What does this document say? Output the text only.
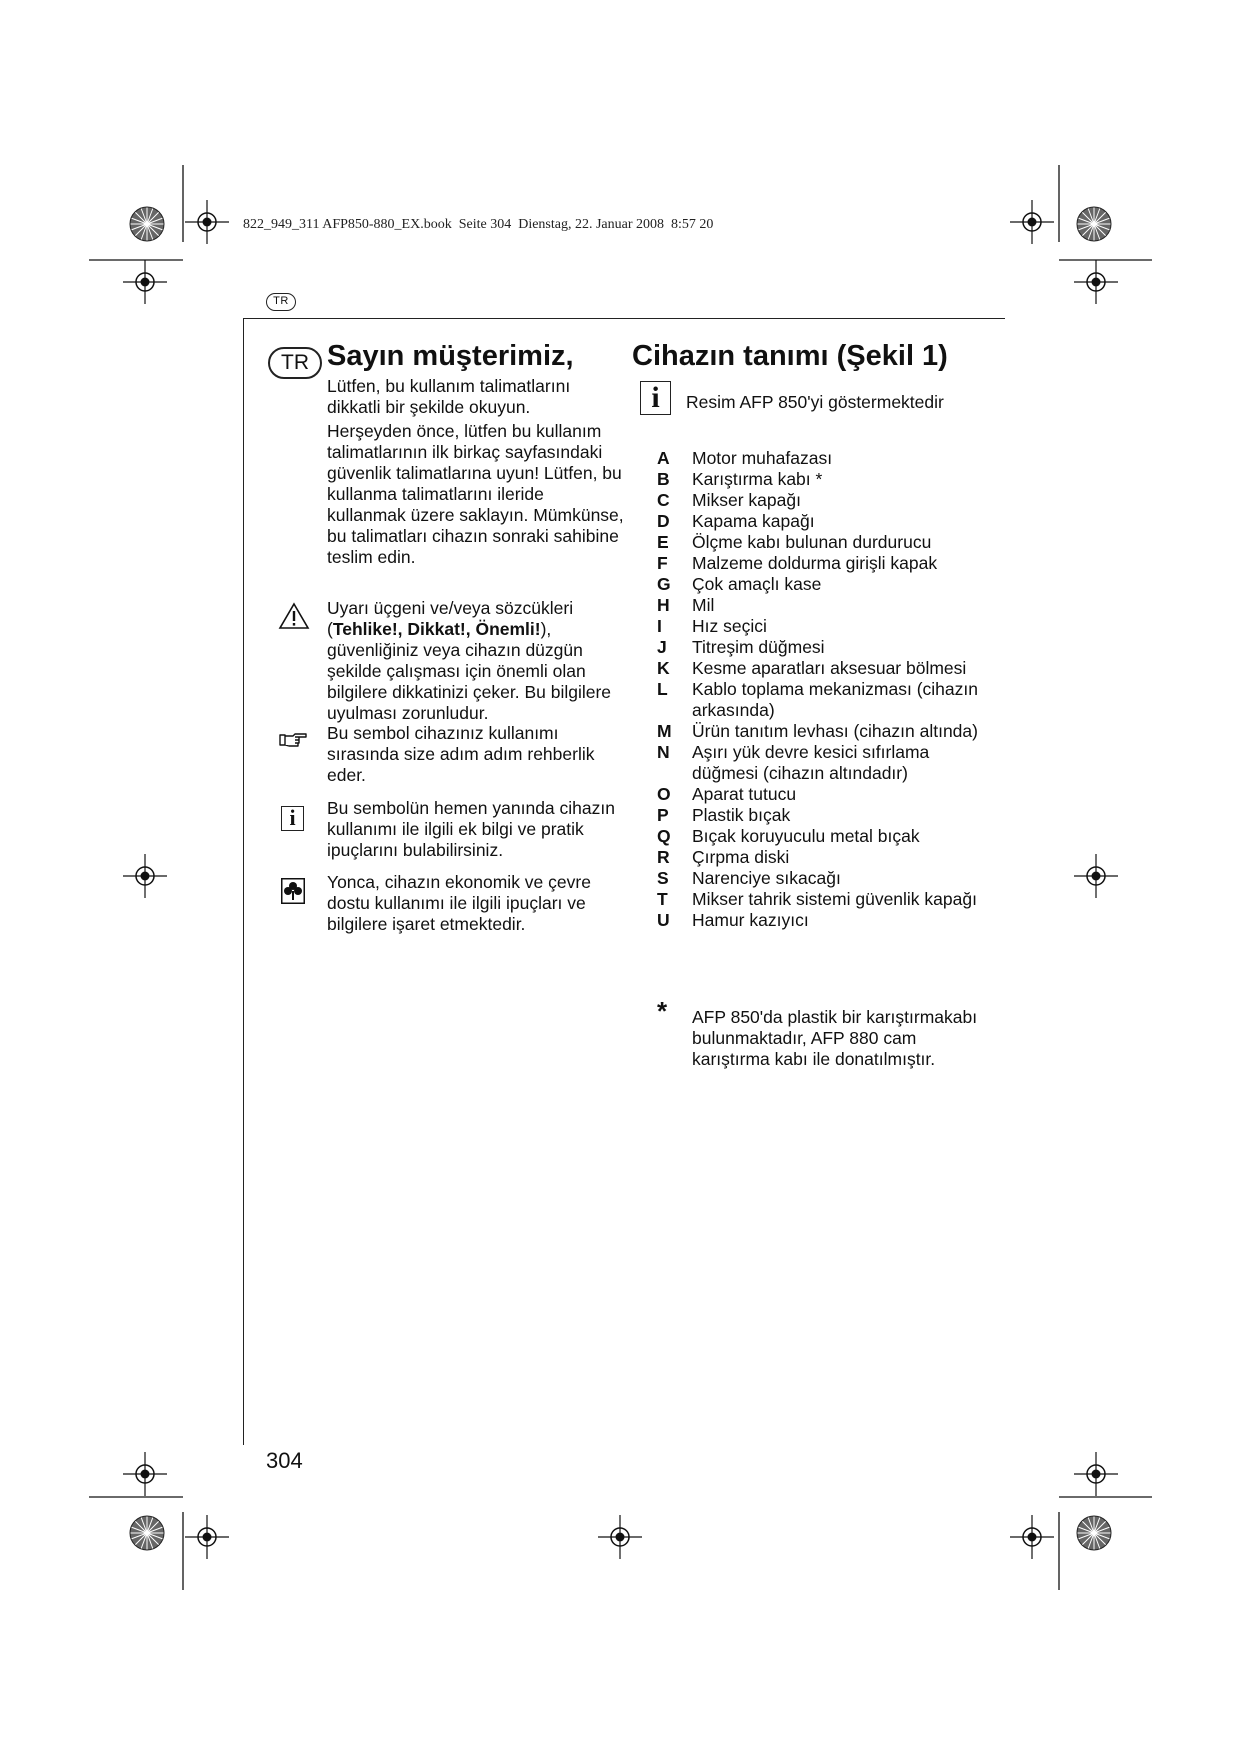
822_949_311 AFP850-880_EX.book  Seite 304  Dienstag, 22. Januar 2008  8:57 20
TR
TR Sayın müşterimiz,

Lütfen, bu kullanım talimatlarını dikkatli bir şekilde okuyun.

Herşeyden önce, lütfen bu kullanım talimatlarının ilk birkaç sayfasındaki güvenlik talimatlarına uyun! Lütfen, bu kullanma talimatlarını ileride kullanmak üzere saklayın. Mümkünse, bu talimatları cihazın sonraki sahibine teslim edin.

Uyarı üçgeni ve/veya sözcükleri (Tehlike!, Dikkat!, Önemli!), güvenliğiniz veya cihazın düzgün şekilde çalışması için önemli olan bilgilere dikkatinizi çeker. Bu bilgilere uyulması zorunludur.
Bu sembol cihazınız kullanımı sırasında size adım adım rehberlik eder.
i	Bu sembolün hemen yanında cihazın kullanımı ile ilgili ek bilgi ve pratik ipuçlarını bulabilirsiniz.
Yonca, cihazın ekonomik ve çevre dostu kullanımı ile ilgili ipuçları ve bilgilere işaret etmektedir.
Cihazın tanımı (Şekil 1)
i	Resim AFP 850'yi göstermektedir
A	Motor muhafazası
B	Karıştırma kabı *
C	Mikser kapağı
D	Kapama kapağı
E	Ölçme kabı bulunan durdurucu
F	Malzeme doldurma girişli kapak
G	Çok amaçlı kase
H	Mil
I	Hız seçici
J	Titreşim düğmesi
K	Kesme aparatları aksesuar bölmesi
L	Kablo toplama mekanizması (cihazın arkasında)
M	Ürün tanıtım levhası (cihazın altında)
N	Aşırı yük devre kesici sıfırlama düğmesi (cihazın altındadır)
O	Aparat tutucu
P	Plastik bıçak
Q	Bıçak koruyuculu metal bıçak
R	Çırpma diski
S	Narenciye sıkacağı
T	Mikser tahrik sistemi güvenlik kapağı
U	Hamur kazıyıcı
*	AFP 850'da plastik bir karıştırmakabı bulunmaktadır, AFP 880 cam karıştırma kabı ile donatılmıştır.
304
